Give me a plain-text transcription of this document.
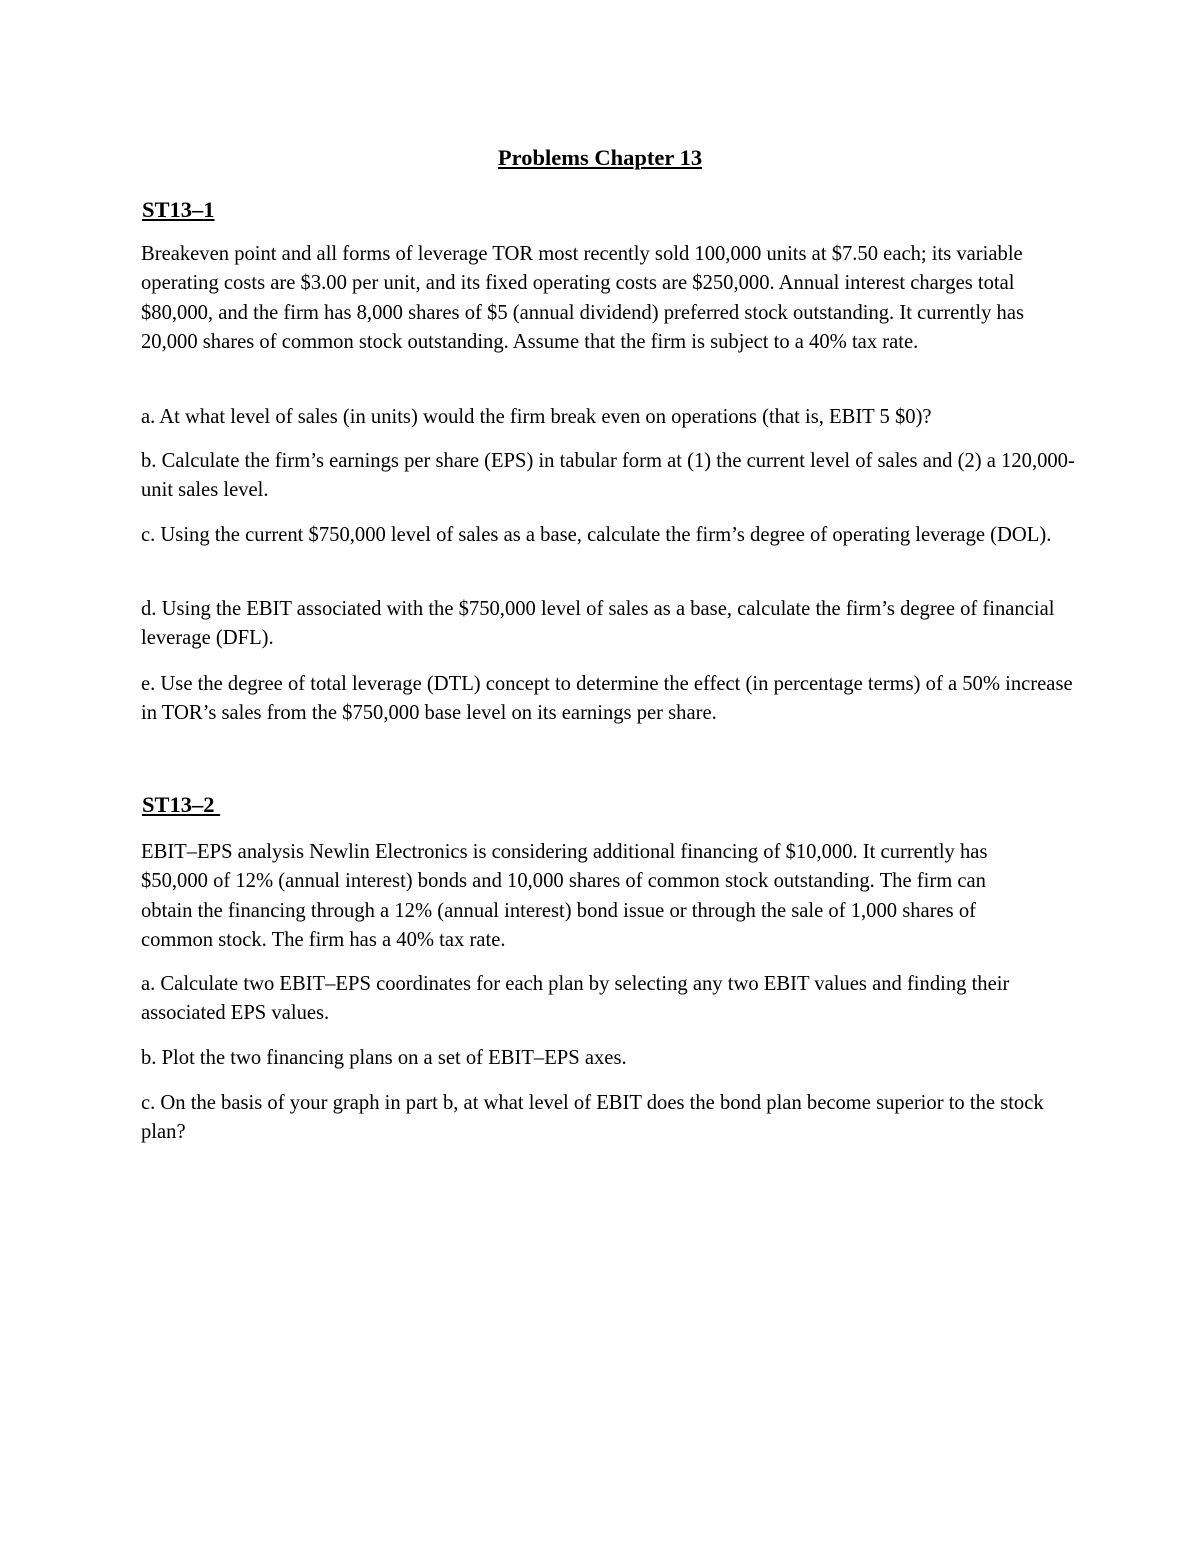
Problems Chapter 13
ST13–1
Breakeven point and all forms of leverage TOR most recently sold 100,000 units at $7.50 each; its variable operating costs are $3.00 per unit, and its fixed operating costs are $250,000. Annual interest charges total $80,000, and the firm has 8,000 shares of $5 (annual dividend) preferred stock outstanding. It currently has 20,000 shares of common stock outstanding. Assume that the firm is subject to a 40% tax rate.
a. At what level of sales (in units) would the firm break even on operations (that is, EBIT 5 $0)?
b. Calculate the firm’s earnings per share (EPS) in tabular form at (1) the current level of sales and (2) a 120,000-unit sales level.
c. Using the current $750,000 level of sales as a base, calculate the firm’s degree of operating leverage (DOL).
d. Using the EBIT associated with the $750,000 level of sales as a base, calculate the firm’s degree of financial leverage (DFL).
e. Use the degree of total leverage (DTL) concept to determine the effect (in percentage terms) of a 50% increase in TOR’s sales from the $750,000 base level on its earnings per share.
ST13–2
EBIT–EPS analysis Newlin Electronics is considering additional financing of $10,000. It currently has $50,000 of 12% (annual interest) bonds and 10,000 shares of common stock outstanding. The firm can obtain the financing through a 12% (annual interest) bond issue or through the sale of 1,000 shares of common stock. The firm has a 40% tax rate.
a. Calculate two EBIT–EPS coordinates for each plan by selecting any two EBIT values and finding their associated EPS values.
b. Plot the two financing plans on a set of EBIT–EPS axes.
c. On the basis of your graph in part b, at what level of EBIT does the bond plan become superior to the stock plan?
